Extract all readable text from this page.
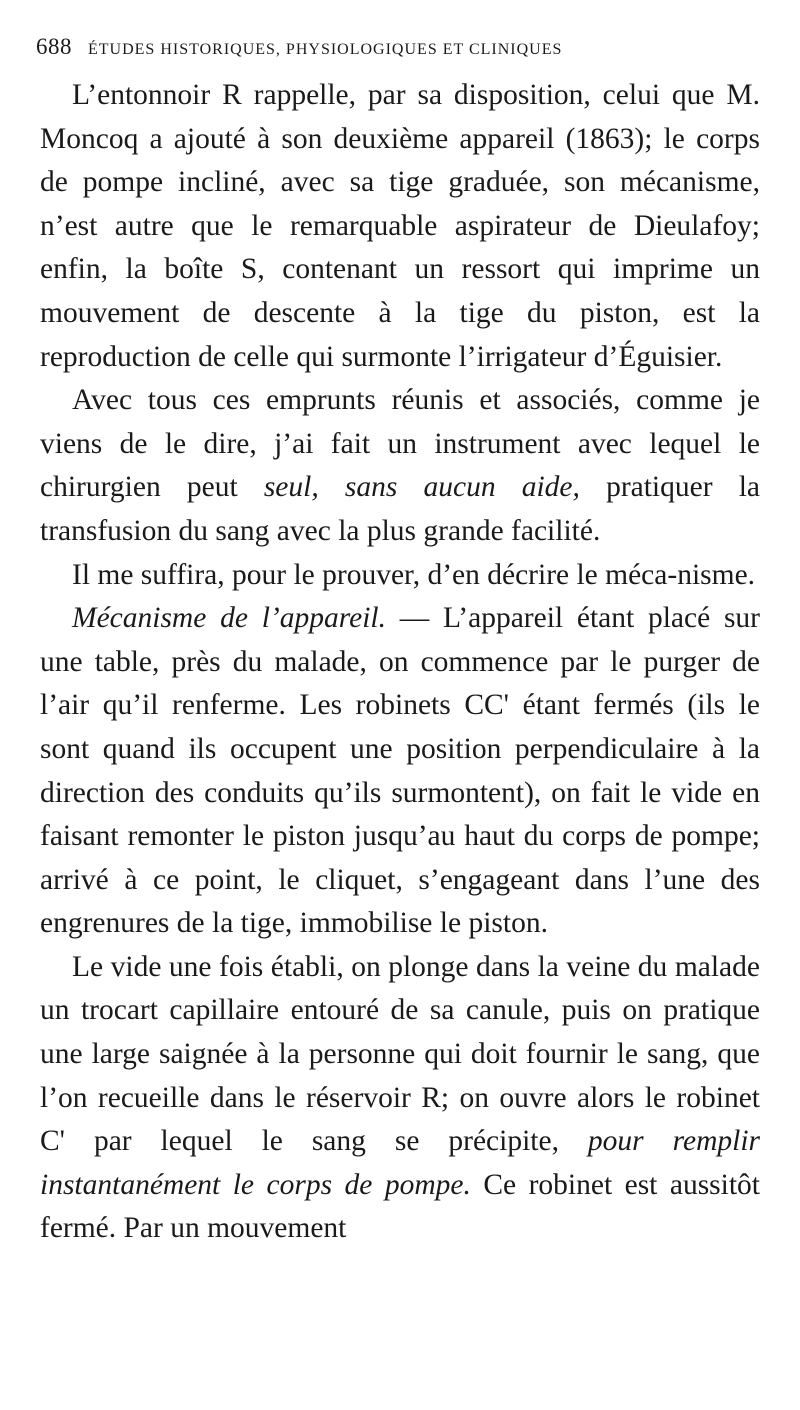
688 ÉTUDES HISTORIQUES, PHYSIOLOGIQUES ET CLINIQUES

L’entonnoir R rappelle, par sa disposition, celui que M. Moncoq a ajouté à son deuxième appareil (1863); le corps de pompe incliné, avec sa tige graduée, son mécanisme, n’est autre que le remarquable aspirateur de Dieulafoy; enfin, la boîte S, contenant un ressort qui imprime un mouvement de descente à la tige du piston, est la reproduction de celle qui surmonte l’irrigateur d’Éguisier.

Avec tous ces emprunts réunis et associés, comme je viens de le dire, j’ai fait un instrument avec lequel le chirurgien peut seul, sans aucun aide, pratiquer la transfusion du sang avec la plus grande facilité.

Il me suffira, pour le prouver, d’en décrire le méca-nisme.

Mécanisme de l’appareil. — L’appareil étant placé sur une table, près du malade, on commence par le purger de l’air qu’il renferme. Les robinets CC' étant fermés (ils le sont quand ils occupent une position perpendiculaire à la direction des conduits qu’ils surmontent), on fait le vide en faisant remonter le piston jusqu’au haut du corps de pompe; arrivé à ce point, le cliquet, s’engageant dans l’une des engrenures de la tige, immobilise le piston.

Le vide une fois établi, on plonge dans la veine du malade un trocart capillaire entouré de sa canule, puis on pratique une large saignée à la personne qui doit fournir le sang, que l’on recueille dans le réservoir R; on ouvre alors le robinet C' par lequel le sang se précipite, pour remplir instantanément le corps de pompe. Ce robinet est aussitôt fermé. Par un mouvement
